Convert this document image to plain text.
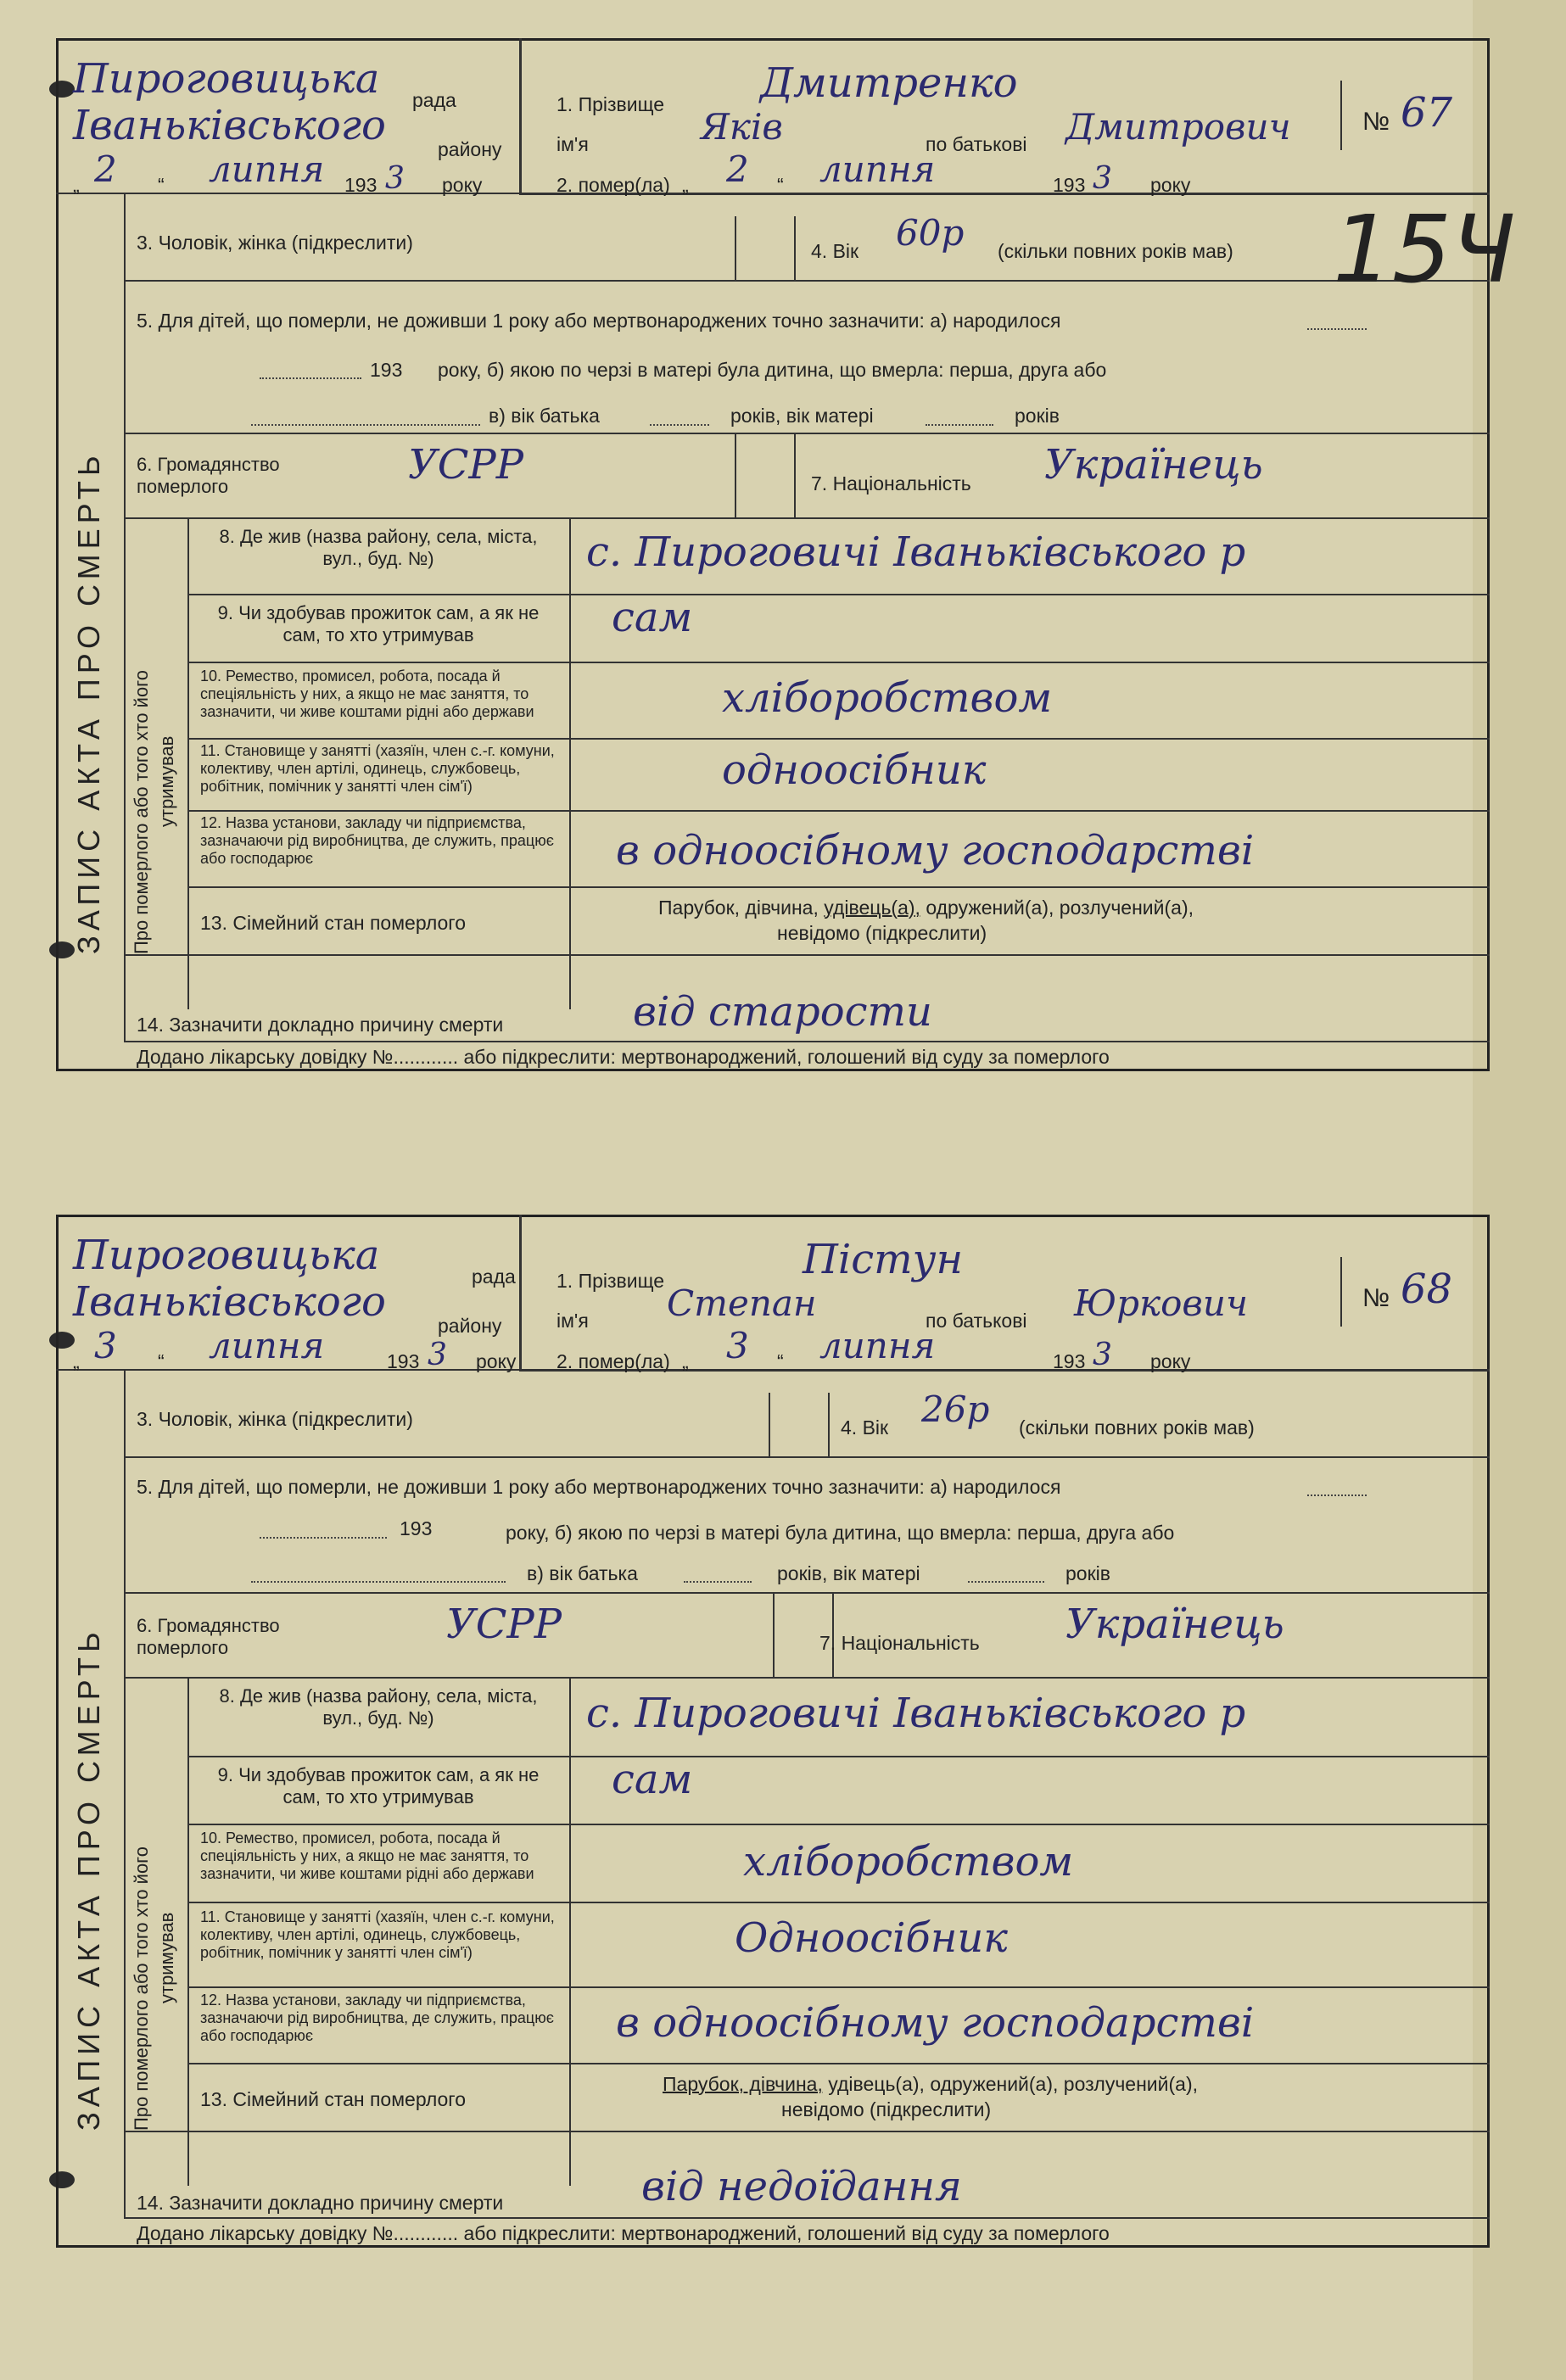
Пироговицька рада
Іваньківського	району
„ 2 “ липня 193 3 року
1. Прізвище Дмитренко
ім'я	Яків	по батькові Дмитрович
2. помер(ла) „ 2 “ липня	193 3 року
№ 67
3. Чоловік, жінка (підкреслити)	4. Вік 60р (скільки повних років мав) 15Ч
5. Для дітей, що померли, не доживши 1 року або мертвонароджених точно зазначити: а) народилося
193 року, б) якою по черзі в матері була дитина, що вмерла: перша, друга або
в) вік батька	років, вік матері	років
6. Громадянство померлого	УСРР	7. Національність Українець
8. Де жив (назва району, села, міста, вул., буд. №)	с. Пироговичі Іваньківського р
9. Чи здобував прожиток сам, а як не сам, то хто утримував	сам
10. Ремество, промисел, робота, посада й спеціяльність у них, а якщо не має заняття, то зазначити, чи живе коштами рідні або держави	хліборобством
11. Становище у занятті (хазяїн, член с.-г. комуни, колективу, член артілі, одинець, службовець, робітник, помічник у занятті член сім'ї)	одноосібник
12. Назва установи, закладу чи підприємства, зазначаючи рід виробництва, де служить, працює або господарює	в одноосібному господарстві
13. Сімейний стан померлого
Парубок, дівчина, удівець(а), одружений(а), розлучений(а),
невідомо (підкреслити)
14. Зазначити докладно причину смерти	від старости
Додано лікарську довідку №............ або підкреслити: мертвонароджений, голошений від суду за померлого
ЗАПИС АКТА ПРО СМЕРТЬ Про померлого або того хто його утримував
Пироговицька	рада
Іваньківського	району
„ 3 “ липня	193 3 року
1. Прізвище	Пістун
ім'я Степан	по батькові Юркович
2. помер(ла) „ 3 “ липня	193 3 року
№ 68
3. Чоловік, жінка (підкреслити)	4. Вік 26р (скільки повних років мав)
5. Для дітей, що померли, не доживши 1 року або мертвонароджених точно зазначити: а) народилося
193	року, б) якою по черзі в матері була дитина, що вмерла: перша, друга або
в) вік батька	років, вік матері	років
6. Громадянство померлого	УСРР	7. Національність Українець
8. Де жив (назва району, села, міста, вул., буд. №)	с. Пироговичі Іваньківського р
9. Чи здобував прожиток сам, а як не сам, то хто утримував	сам
10. Ремество, промисел, робота, посада й спеціяльність у них, а якщо не має заняття, то зазначити, чи живе коштами рідні або держави	хліборобством
11. Становище у занятті (хазяїн, член с.-г. комуни, колективу, член артілі, одинець, службовець, робітник, помічник у занятті член сім'ї)	Одноосібник
12. Назва установи, закладу чи підприємства, зазначаючи рід виробництва, де служить, працює або господарює	в одноосібному господарстві
13. Сімейний стан померлого
Парубок, дівчина, удівець(а), одружений(а), розлучений(а),
невідомо (підкреслити)
14. Зазначити докладно причину смерти	від недоїдання
Додано лікарську довідку №............ або підкреслити: мертвонароджений, голошений від суду за померлого
ЗАПИС АКТА ПРО СМЕРТЬ Про померлого або того хто його утримував
